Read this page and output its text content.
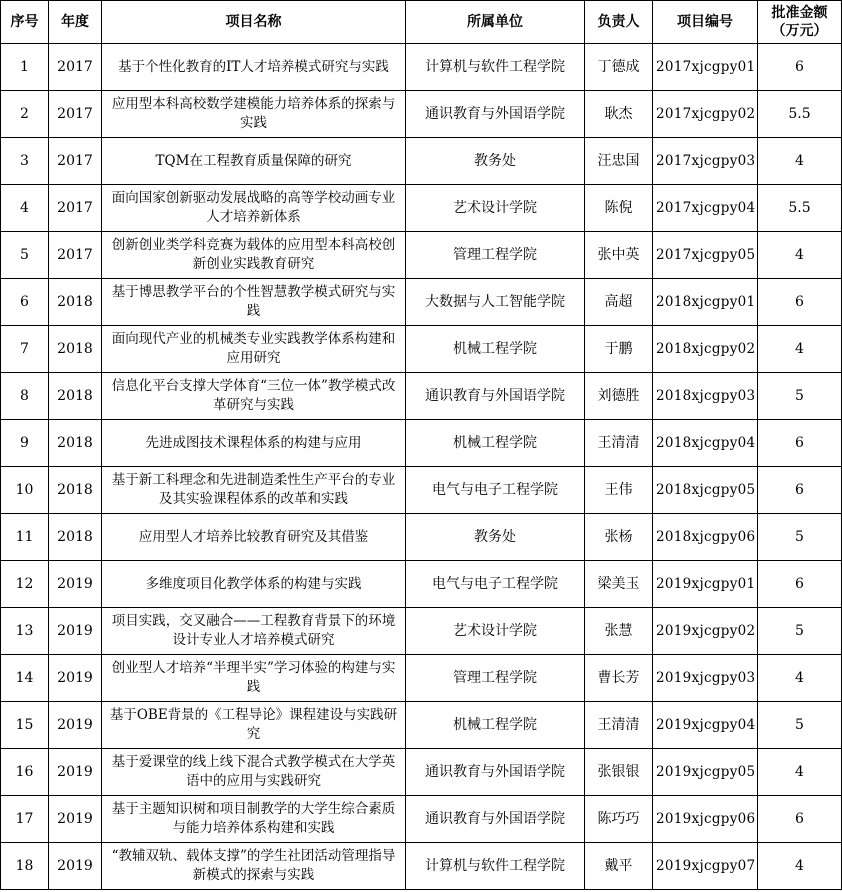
序号	年度	项目名称	所属单位	负责人	项目编号	批准金额（万元）
1	2017	基于个性化教育的IT人才培养模式研究与实践	计算机与软件工程学院	丁德成	2017xjcgpy01	6
2	2017	应用型本科高校数学建模能力培养体系的探索与实践	通识教育与外国语学院	耿杰	2017xjcgpy02	5.5
3	2017	TQM在工程教育质量保障的研究	教务处	汪忠国	2017xjcgpy03	4
4	2017	面向国家创新驱动发展战略的高等学校动画专业人才培养新体系	艺术设计学院	陈倪	2017xjcgpy04	5.5
5	2017	创新创业类学科竞赛为载体的应用型本科高校创新创业实践教育研究	管理工程学院	张中英	2017xjcgpy05	4
6	2018	基于博思教学平台的个性智慧教学模式研究与实践	大数据与人工智能学院	高超	2018xjcgpy01	6
7	2018	面向现代产业的机械类专业实践教学体系构建和应用研究	机械工程学院	于鹏	2018xjcgpy02	4
8	2018	信息化平台支撑大学体育“三位一体”教学模式改革研究与实践	通识教育与外国语学院	刘德胜	2018xjcgpy03	5
9	2018	先进成图技术课程体系的构建与应用	机械工程学院	王清清	2018xjcgpy04	6
10	2018	基于新工科理念和先进制造柔性生产平台的专业及其实验课程体系的改革和实践	电气与电子工程学院	王伟	2018xjcgpy05	6
11	2018	应用型人才培养比较教育研究及其借鉴	教务处	张杨	2018xjcgpy06	5
12	2019	多维度项目化教学体系的构建与实践	电气与电子工程学院	梁美玉	2019xjcgpy01	6
13	2019	项目实践，交叉融合——工程教育背景下的环境设计专业人才培养模式研究	艺术设计学院	张慧	2019xjcgpy02	5
14	2019	创业型人才培养“半理半实”学习体验的构建与实践	管理工程学院	曹长芳	2019xjcgpy03	4
15	2019	基于OBE背景的《工程导论》课程建设与实践研究	机械工程学院	王清清	2019xjcgpy04	5
16	2019	基于爱课堂的线上线下混合式教学模式在大学英语中的应用与实践研究	通识教育与外国语学院	张银银	2019xjcgpy05	4
17	2019	基于主题知识树和项目制教学的大学生综合素质与能力培养体系构建和实践	通识教育与外国语学院	陈巧巧	2019xjcgpy06	6
18	2019	“教辅双轨、载体支撑”的学生社团活动管理指导新模式的探索与实践	计算机与软件工程学院	戴平	2019xjcgpy07	4
